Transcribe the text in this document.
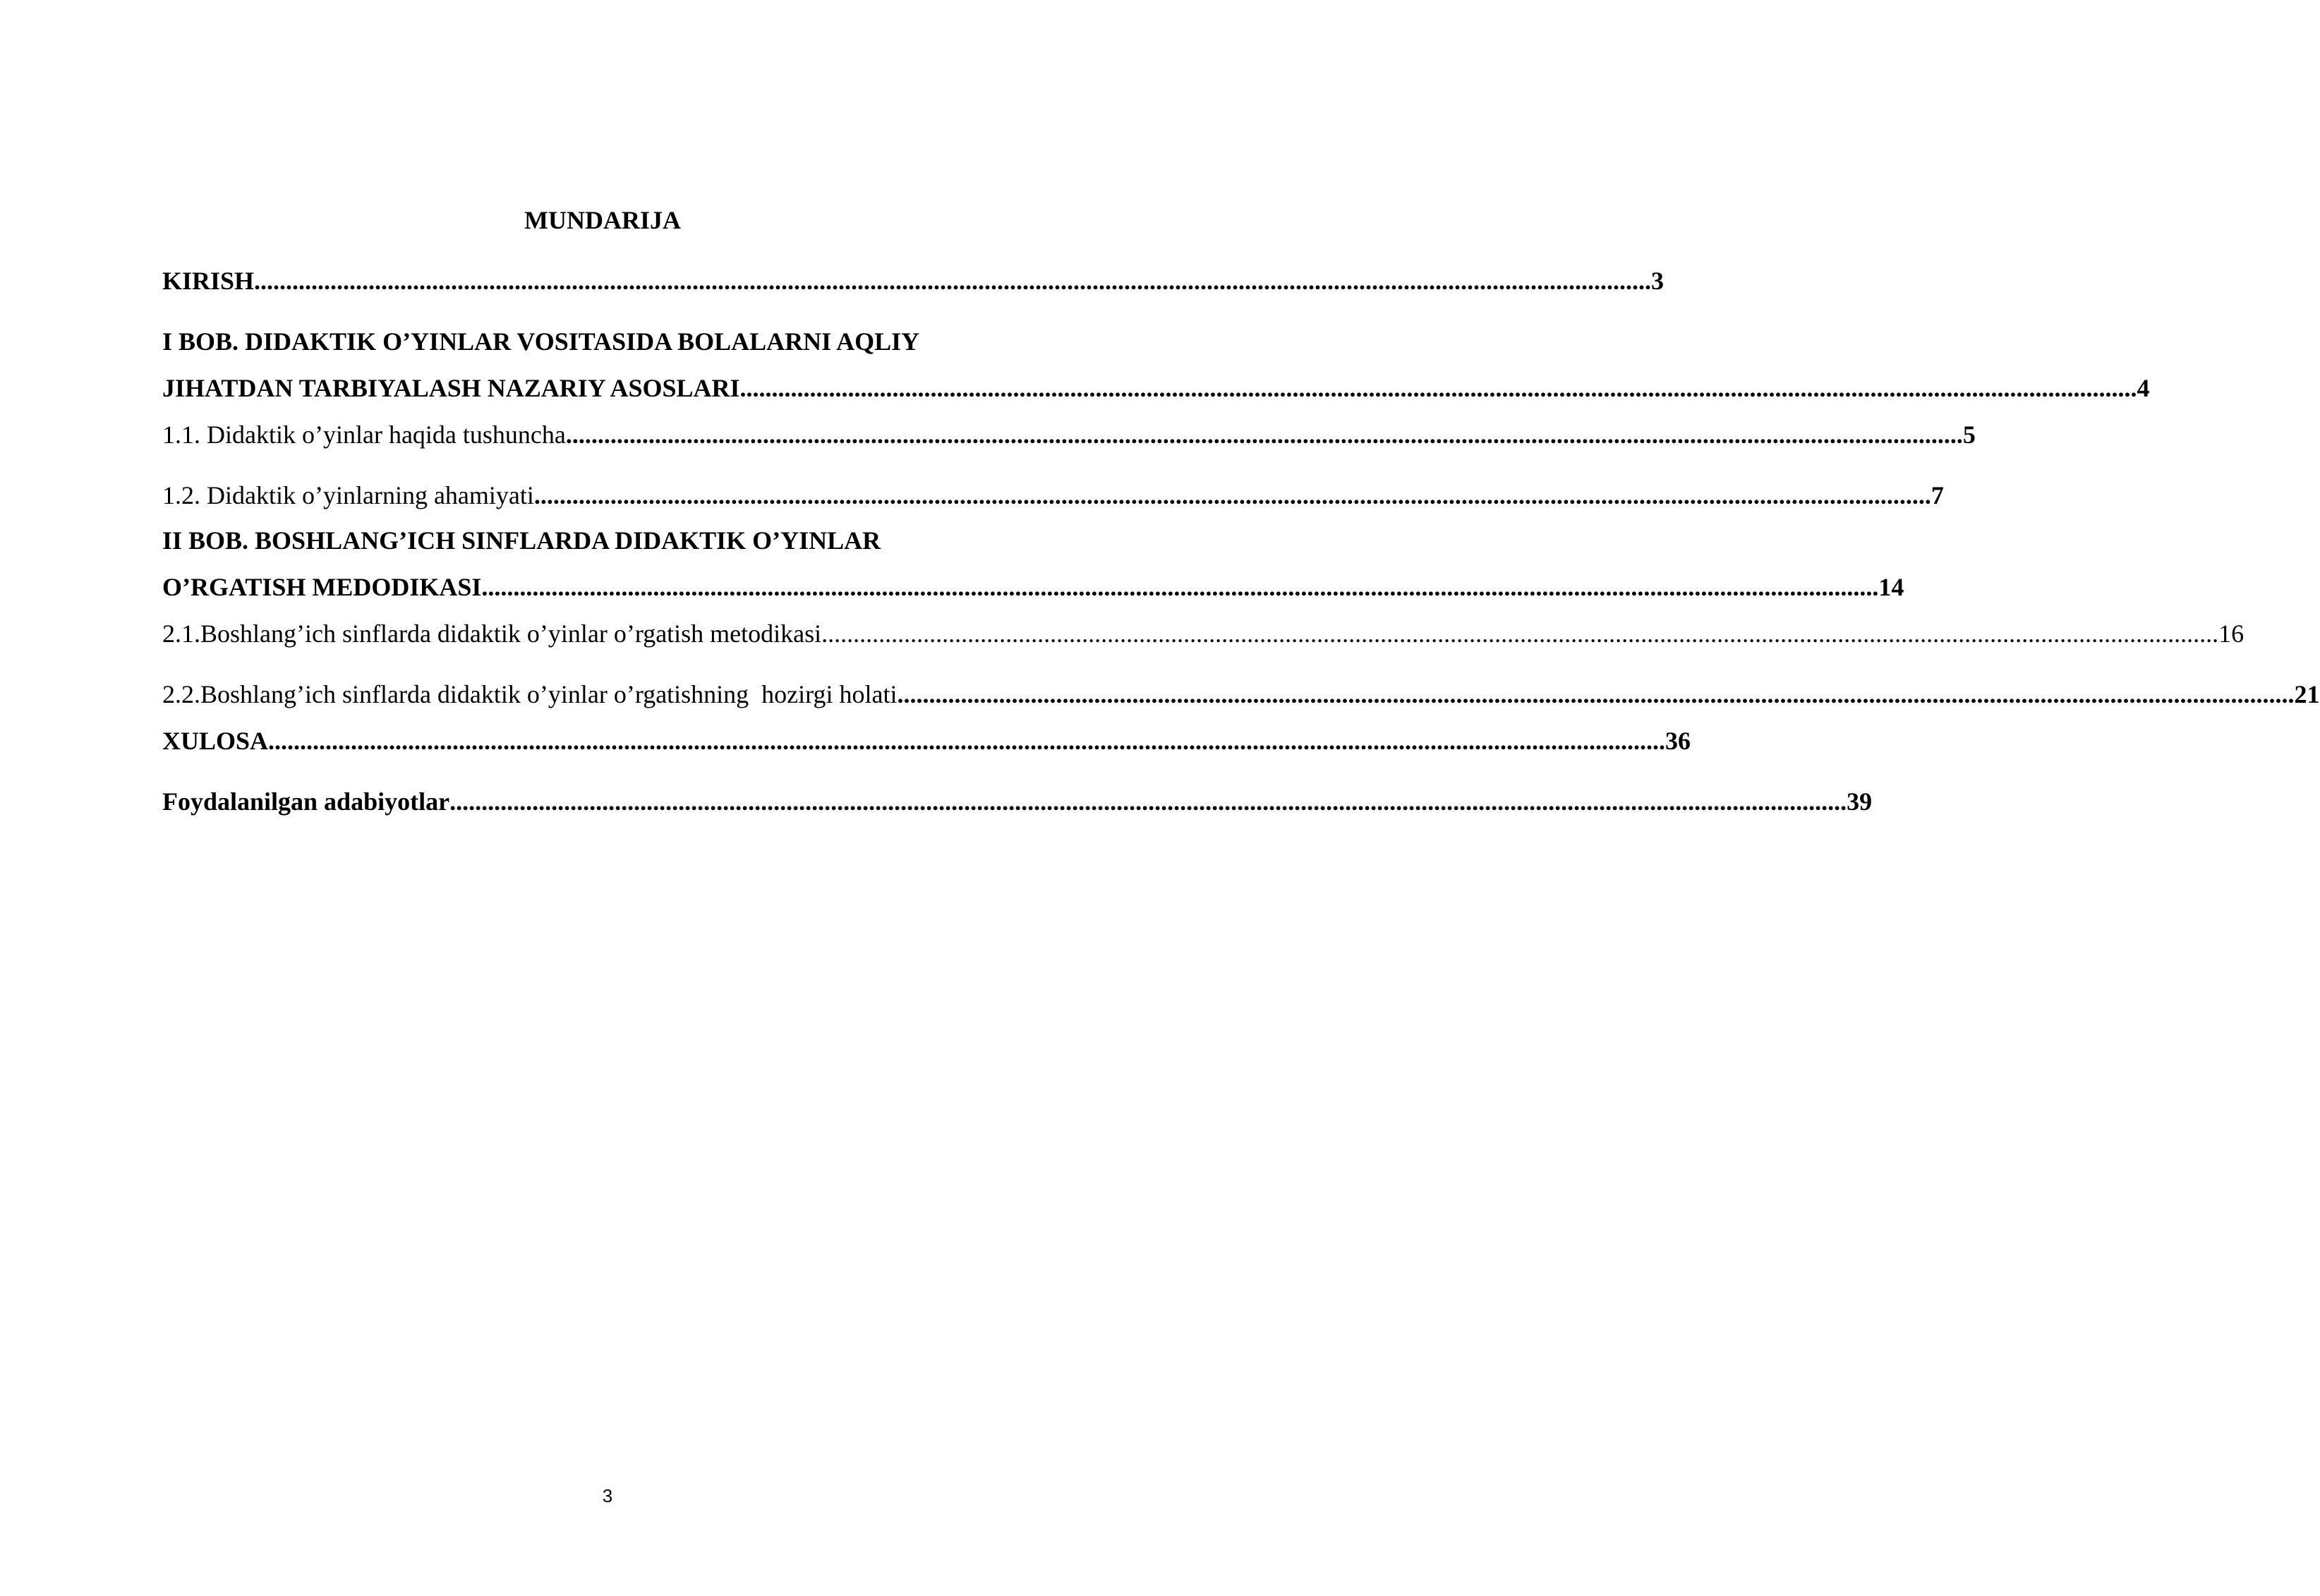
MUNDARIJA
KIRISH ............................................................................................................................................................................................................................ 3
I BOB. DIDAKTIK O’YINLAR VOSITASIDA BOLALARNI AQLIY
JIHATDAN TARBIYALASH NAZARIY ASOSLARI ............................................................................................................................................................................................................................ 4
1.1. Didaktik o’yinlar haqida tushuncha ............................................................................................................................................................................................................................ 5
1.2. Didaktik o’yinlarning ahamiyati ............................................................................................................................................................................................................................ 7
II BOB. BOSHLANG’ICH SINFLARDA DIDAKTIK O’YINLAR
O’RGATISH MEDODIKASI ............................................................................................................................................................................................................................ 14
2.1.Boshlang’ich sinflarda didaktik o’yinlar o’rgatish metodikasi ............................................................................................................................................................................................................................ 16
2.2.Boshlang’ich sinflarda didaktik o’yinlar o’rgatishning  hozirgi holati ............................................................................................................................................................................................................................ 21
XULOSA ............................................................................................................................................................................................................................ 36
Foydalanilgan adabiyotlar ............................................................................................................................................................................................................................ 39
3
